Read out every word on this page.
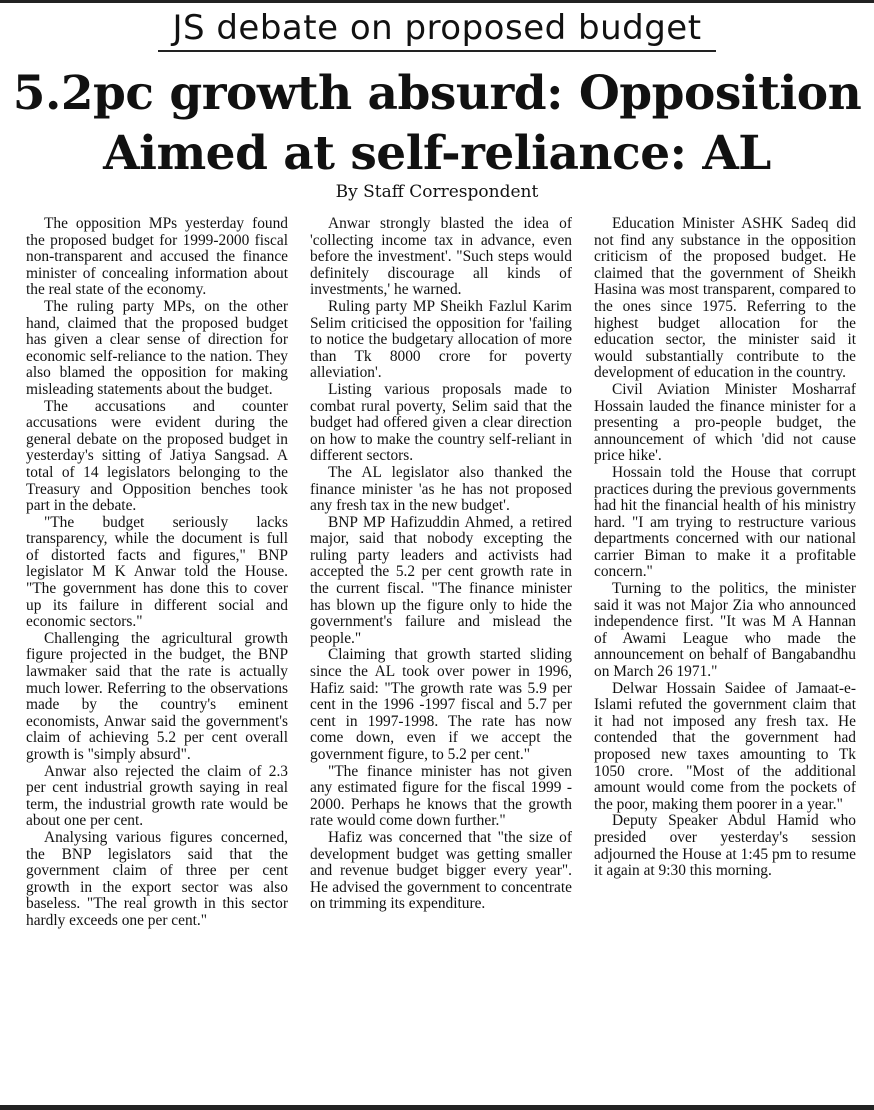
JS debate on proposed budget
5.2pc growth absurd: Opposition
Aimed at self-reliance: AL
By Staff Correspondent

The opposition MPs yesterday found the proposed budget for 1999-2000 fiscal non-transparent and accused the finance minister of concealing information about the real state of the economy.

The ruling party MPs, on the other hand, claimed that the proposed budget has given a clear sense of direction for economic self-reliance to the nation. They also blamed the opposition for making misleading statements about the budget.

The accusations and counter accusations were evident during the general debate on the proposed budget in yesterday's sitting of Jatiya Sangsad. A total of 14 legislators belonging to the Treasury and Opposition benches took part in the debate.

"The budget seriously lacks transparency, while the document is full of distorted facts and figures," BNP legislator M K Anwar told the House. "The government has done this to cover up its failure in different social and economic sectors."

Challenging the agricultural growth figure projected in the budget, the BNP lawmaker said that the rate is actually much lower. Referring to the observations made by the country's eminent economists, Anwar said the government's claim of achieving 5.2 per cent overall growth is "simply absurd".

Anwar also rejected the claim of 2.3 per cent industrial growth saying in real term, the industrial growth rate would be about one per cent.

Analysing various figures concerned, the BNP legislators said that the government claim of three per cent growth in the export sector was also baseless. "The real growth in this sector hardly exceeds one per cent."

Anwar strongly blasted the idea of 'collecting income tax in advance, even before the investment'. "Such steps would definitely discourage all kinds of investments,' he warned.

Ruling party MP Sheikh Fazlul Karim Selim criticised the opposition for 'failing to notice the budgetary allocation of more than Tk 8000 crore for poverty alleviation'.

Listing various proposals made to combat rural poverty, Selim said that the budget had offered given a clear direction on how to make the country self-reliant in different sectors.

The AL legislator also thanked the finance minister 'as he has not proposed any fresh tax in the new budget'.

BNP MP Hafizuddin Ahmed, a retired major, said that nobody excepting the ruling party leaders and activists had accepted the 5.2 per cent growth rate in the current fiscal. "The finance minister has blown up the figure only to hide the government's failure and mislead the people."

Claiming that growth started sliding since the AL took over power in 1996, Hafiz said: "The growth rate was 5.9 per cent in the 1996 -1997 fiscal and 5.7 per cent in 1997-1998. The rate has now come down, even if we accept the government figure, to 5.2 per cent."

"The finance minister has not given any estimated figure for the fiscal 1999 - 2000. Perhaps he knows that the growth rate would come down further."

Hafiz was concerned that "the size of development budget was getting smaller and revenue budget bigger every year". He advised the government to concentrate on trimming its expenditure.

Education Minister ASHK Sadeq did not find any substance in the opposition criticism of the proposed budget. He claimed that the government of Sheikh Hasina was most transparent, compared to the ones since 1975. Referring to the highest budget allocation for the education sector, the minister said it would substantially contribute to the development of education in the country.

Civil Aviation Minister Mosharraf Hossain lauded the finance minister for a presenting a pro-people budget, the announcement of which 'did not cause price hike'.

Hossain told the House that corrupt practices during the previous governments had hit the financial health of his ministry hard. "I am trying to restructure various departments concerned with our national carrier Biman to make it a profitable concern."

Turning to the politics, the minister said it was not Major Zia who announced independence first. "It was M A Hannan of Awami League who made the announcement on behalf of Bangabandhu on March 26 1971."

Delwar Hossain Saidee of Jamaat-e-Islami refuted the government claim that it had not imposed any fresh tax. He contended that the government had proposed new taxes amounting to Tk 1050 crore. "Most of the additional amount would come from the pockets of the poor, making them poorer in a year."

Deputy Speaker Abdul Hamid who presided over yesterday's session adjourned the House at 1:45 pm to resume it again at 9:30 this morning.
